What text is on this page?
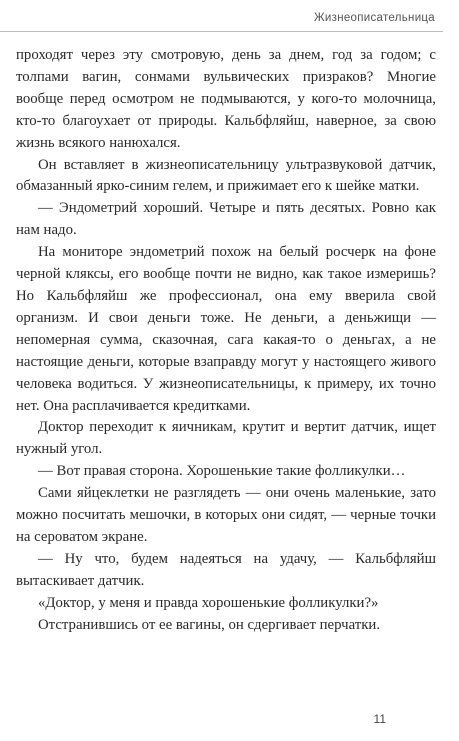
Жизнеописательница

проходят через эту смотровую, день за днем, год за годом; с толпами вагин, сонмами вульвических призраков? Многие вообще перед осмотром не подмываются, у кого-то молочница, кто-то благоухает от природы. Кальбфляйш, наверное, за свою жизнь всякого нанюхался.

Он вставляет в жизнеописательницу ультразвуковой датчик, обмазанный ярко-синим гелем, и прижимает его к шейке матки.

— Эндометрий хороший. Четыре и пять десятых. Ровно как нам надо.

На мониторе эндометрий похож на белый росчерк на фоне черной кляксы, его вообще почти не видно, как такое измеришь? Но Кальбфляйш же профессионал, она ему вверила свой организм. И свои деньги тоже. Не деньги, а деньжищи — непомерная сумма, сказочная, сага какая-то о деньгах, а не настоящие деньги, которые взаправду могут у настоящего живого человека водиться. У жизнеописательницы, к примеру, их точно нет. Она расплачивается кредитками.

Доктор переходит к яичникам, крутит и вертит датчик, ищет нужный угол.

— Вот правая сторона. Хорошенькие такие фолликулки…

Сами яйцеклетки не разглядеть — они очень маленькие, зато можно посчитать мешочки, в которых они сидят, — черные точки на сероватом экране.

— Ну что, будем надеяться на удачу, — Кальбфляйш вытаскивает датчик.

«Доктор, у меня и правда хорошенькие фолликулки?»

Отстранившись от ее вагины, он сдергивает перчатки.

11
